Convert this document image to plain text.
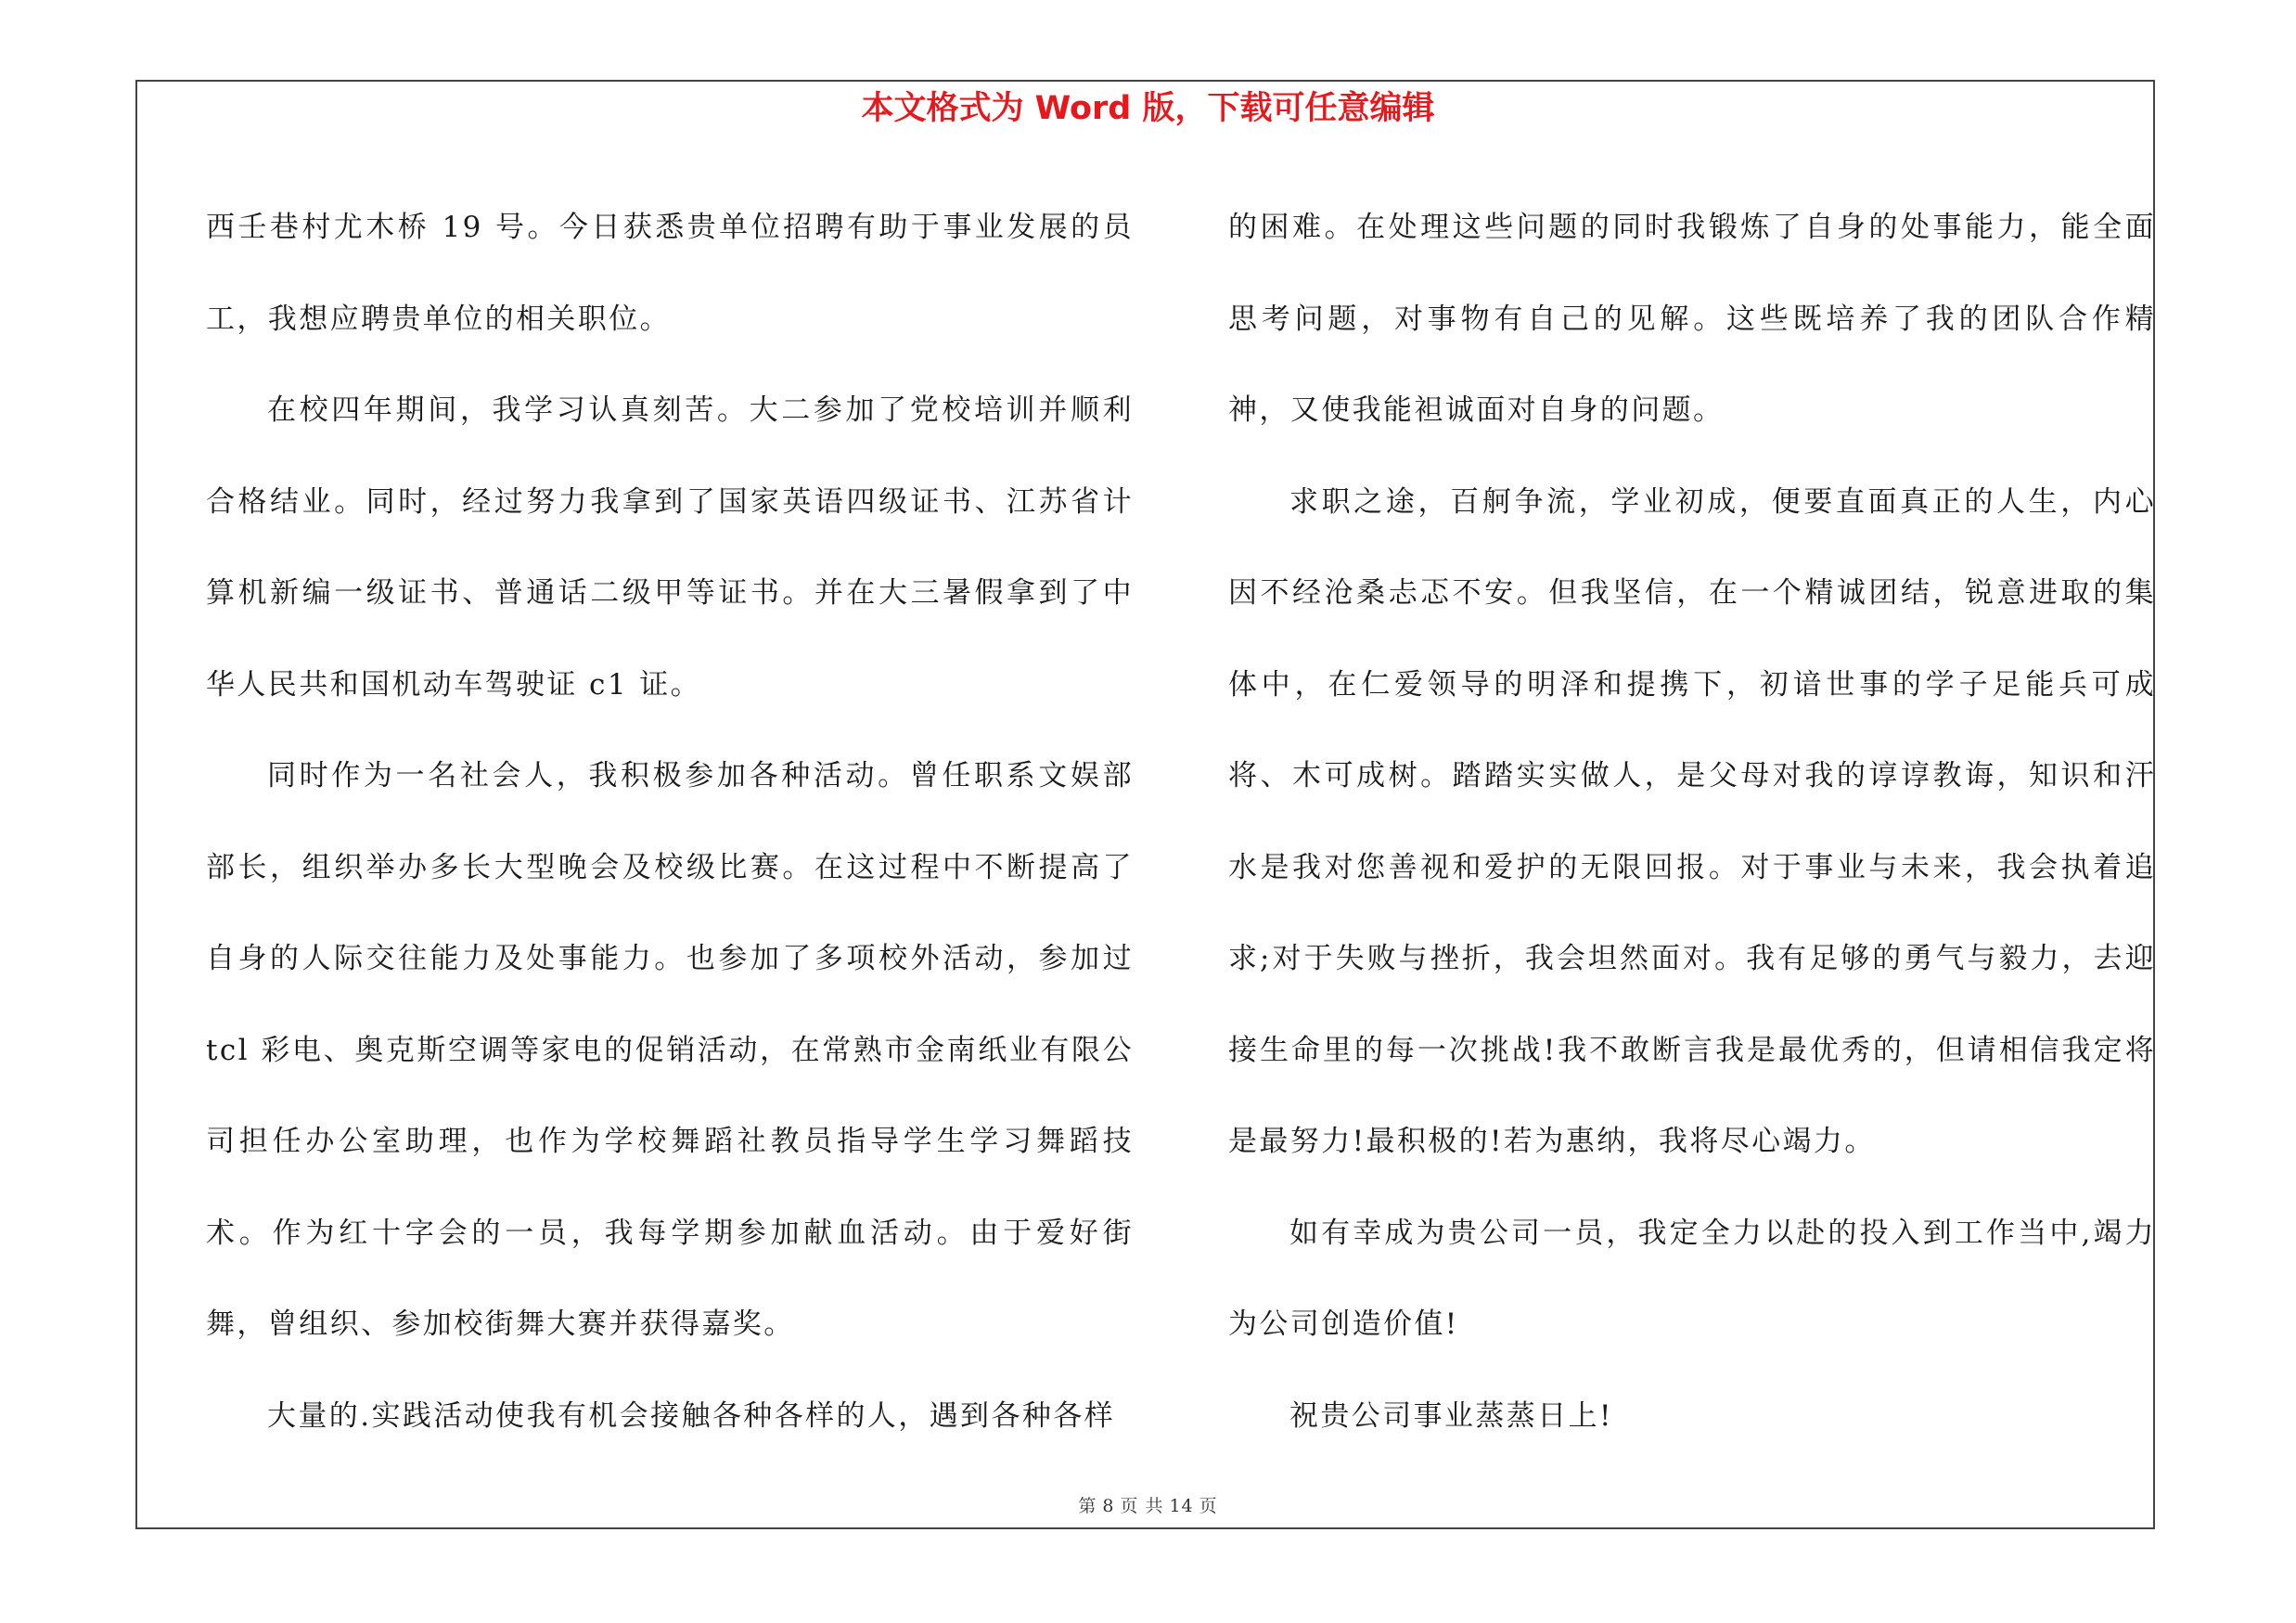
本文格式为 Word 版，下载可任意编辑

西壬巷村尤木桥 19 号。今日获悉贵单位招聘有助于事业发展的员工，我想应聘贵单位的相关职位。

在校四年期间，我学习认真刻苦。大二参加了党校培训并顺利合格结业。同时，经过努力我拿到了国家英语四级证书、江苏省计算机新编一级证书、普通话二级甲等证书。并在大三暑假拿到了中华人民共和国机动车驾驶证 c1 证。

同时作为一名社会人，我积极参加各种活动。曾任职系文娱部部长，组织举办多长大型晚会及校级比赛。在这过程中不断提高了自身的人际交往能力及处事能力。也参加了多项校外活动，参加过 tcl 彩电、奥克斯空调等家电的促销活动，在常熟市金南纸业有限公司担任办公室助理，也作为学校舞蹈社教员指导学生学习舞蹈技术。作为红十字会的一员，我每学期参加献血活动。由于爱好街舞，曾组织、参加校街舞大赛并获得嘉奖。

大量的.实践活动使我有机会接触各种各样的人，遇到各种各样

的困难。在处理这些问题的同时我锻炼了自身的处事能力，能全面思考问题，对事物有自己的见解。这些既培养了我的团队合作精神，又使我能袒诚面对自身的问题。

求职之途，百舸争流，学业初成，便要直面真正的人生，内心因不经沧桑忐忑不安。但我坚信，在一个精诚团结，锐意进取的集体中，在仁爱领导的明泽和提携下，初谙世事的学子足能兵可成将、木可成树。踏踏实实做人，是父母对我的谆谆教诲，知识和汗水是我对您善视和爱护的无限回报。对于事业与未来，我会执着追求;对于失败与挫折，我会坦然面对。我有足够的勇气与毅力，去迎接生命里的每一次挑战!我不敢断言我是最优秀的，但请相信我定将是最努力!最积极的!若为惠纳，我将尽心竭力。

如有幸成为贵公司一员，我定全力以赴的投入到工作当中,竭力为公司创造价值!

祝贵公司事业蒸蒸日上!

第 8 页 共 14 页
